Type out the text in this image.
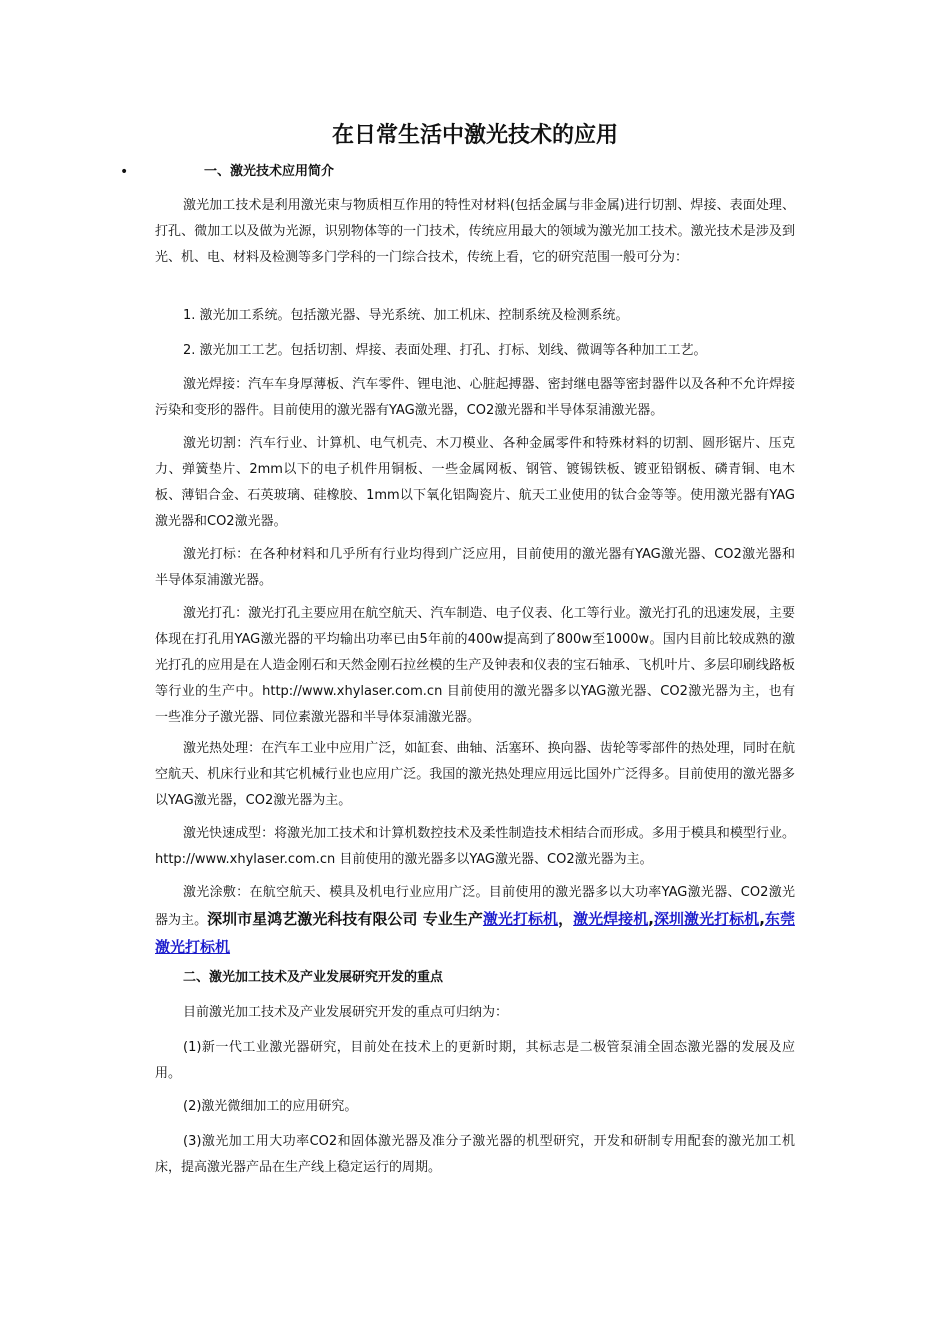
在日常生活中激光技术的应用
•	一、激光技术应用简介

激光加工技术是利用激光束与物质相互作用的特性对材料(包括金属与非金属)进行切割、焊接、表面处理、打孔、微加工以及做为光源，识别物体等的一门技术，传统应用最大的领域为激光加工技术。激光技术是涉及到光、机、电、材料及检测等多门学科的一门综合技术，传统上看，它的研究范围一般可分为：

1. 激光加工系统。包括激光器、导光系统、加工机床、控制系统及检测系统。

2. 激光加工工艺。包括切割、焊接、表面处理、打孔、打标、划线、微调等各种加工工艺。

激光焊接：汽车车身厚薄板、汽车零件、锂电池、心脏起搏器、密封继电器等密封器件以及各种不允许焊接污染和变形的器件。目前使用的激光器有YAG激光器，CO2激光器和半导体泵浦激光器。

激光切割：汽车行业、计算机、电气机壳、木刀模业、各种金属零件和特殊材料的切割、圆形锯片、压克力、弹簧垫片、2mm以下的电子机件用铜板、一些金属网板、钢管、镀锡铁板、镀亚铅钢板、磷青铜、电木板、薄铝合金、石英玻璃、硅橡胶、1mm以下氧化铝陶瓷片、航天工业使用的钛合金等等。使用激光器有YAG激光器和CO2激光器。

激光打标：在各种材料和几乎所有行业均得到广泛应用，目前使用的激光器有YAG激光器、CO2激光器和半导体泵浦激光器。

激光打孔：激光打孔主要应用在航空航天、汽车制造、电子仪表、化工等行业。激光打孔的迅速发展，主要体现在打孔用YAG激光器的平均输出功率已由5年前的400w提高到了800w至1000w。国内目前比较成熟的激光打孔的应用是在人造金刚石和天然金刚石拉丝模的生产及钟表和仪表的宝石轴承、飞机叶片、多层印刷线路板等行业的生产中。http://www.xhylaser.com.cn 目前使用的激光器多以YAG激光器、CO2激光器为主，也有一些准分子激光器、同位素激光器和半导体泵浦激光器。

激光热处理：在汽车工业中应用广泛，如缸套、曲轴、活塞环、换向器、齿轮等零部件的热处理，同时在航空航天、机床行业和其它机械行业也应用广泛。我国的激光热处理应用远比国外广泛得多。目前使用的激光器多以YAG激光器，CO2激光器为主。

激光快速成型：将激光加工技术和计算机数控技术及柔性制造技术相结合而形成。多用于模具和模型行业。http://www.xhylaser.com.cn 目前使用的激光器多以YAG激光器、CO2激光器为主。

激光涂敷：在航空航天、模具及机电行业应用广泛。目前使用的激光器多以大功率YAG激光器、CO2激光器为主。深圳市星鸿艺激光科技有限公司 专业生产激光打标机，激光焊接机,深圳激光打标机,东莞激光打标机

二、激光加工技术及产业发展研究开发的重点

目前激光加工技术及产业发展研究开发的重点可归纳为：

(1)新一代工业激光器研究，目前处在技术上的更新时期，其标志是二极管泵浦全固态激光器的发展及应用。

(2)激光微细加工的应用研究。

(3)激光加工用大功率CO2和固体激光器及准分子激光器的机型研究，开发和研制专用配套的激光加工机床，提高激光器产品在生产线上稳定运行的周期。
